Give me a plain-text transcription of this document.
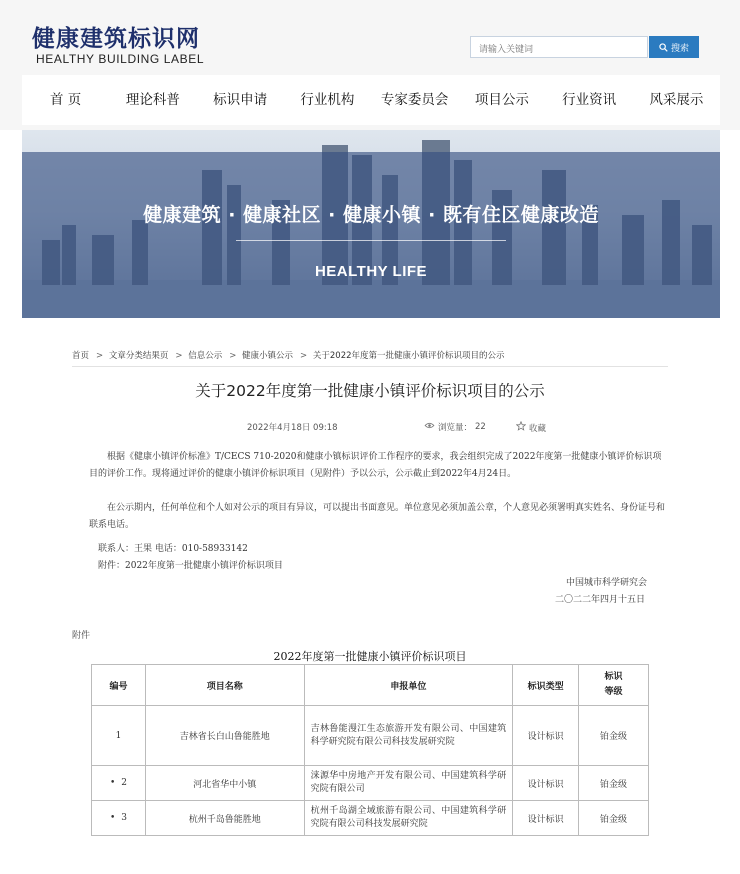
健康建筑标识网
HEALTHY BUILDING LABEL
请输入关键词
搜索
首 页	理论科普	标识申请	行业机构	专家委员会	项目公示	行业资讯	风采展示
健康建筑 · 健康社区 · 健康小镇 · 既有住区健康改造
HEALTHY LIFE
首页 > 文章分类结果页 > 信息公示 > 健康小镇公示 > 关于2022年度第一批健康小镇评价标识项目的公示
关于2022年度第一批健康小镇评价标识项目的公示
2022年4月18日 09:18	浏览量： 22	收藏
根据《健康小镇评价标准》T/CECS 710-2020和健康小镇标识评价工作程序的要求，我会组织完成了2022年度第一批健康小镇评价标识项目的评价工作。现将通过评价的健康小镇评价标识项目（见附件）予以公示，公示截止到2022年4月24日。
在公示期内，任何单位和个人如对公示的项目有异议，可以提出书面意见。单位意见必须加盖公章，个人意见必须署明真实姓名、身份证号和联系电话。
联系人：王果 电话：010-58933142
附件：2022年度第一批健康小镇评价标识项目
中国城市科学研究会
二〇二二年四月十五日
附件
2022年度第一批健康小镇评价标识项目
编号	项目名称	申报单位	标识类型	标识
等级
1	吉林省长白山鲁能胜地	吉林鲁能漫江生态旅游开发有限公司、中国建筑科学研究院有限公司科技发展研究院	设计标识	铂金级
• 2	河北省华中小镇	涞源华中房地产开发有限公司、中国建筑科学研究院有限公司	设计标识	铂金级
• 3	杭州千岛鲁能胜地	杭州千岛湖全域旅游有限公司、中国建筑科学研究院有限公司科技发展研究院	设计标识	铂金级
